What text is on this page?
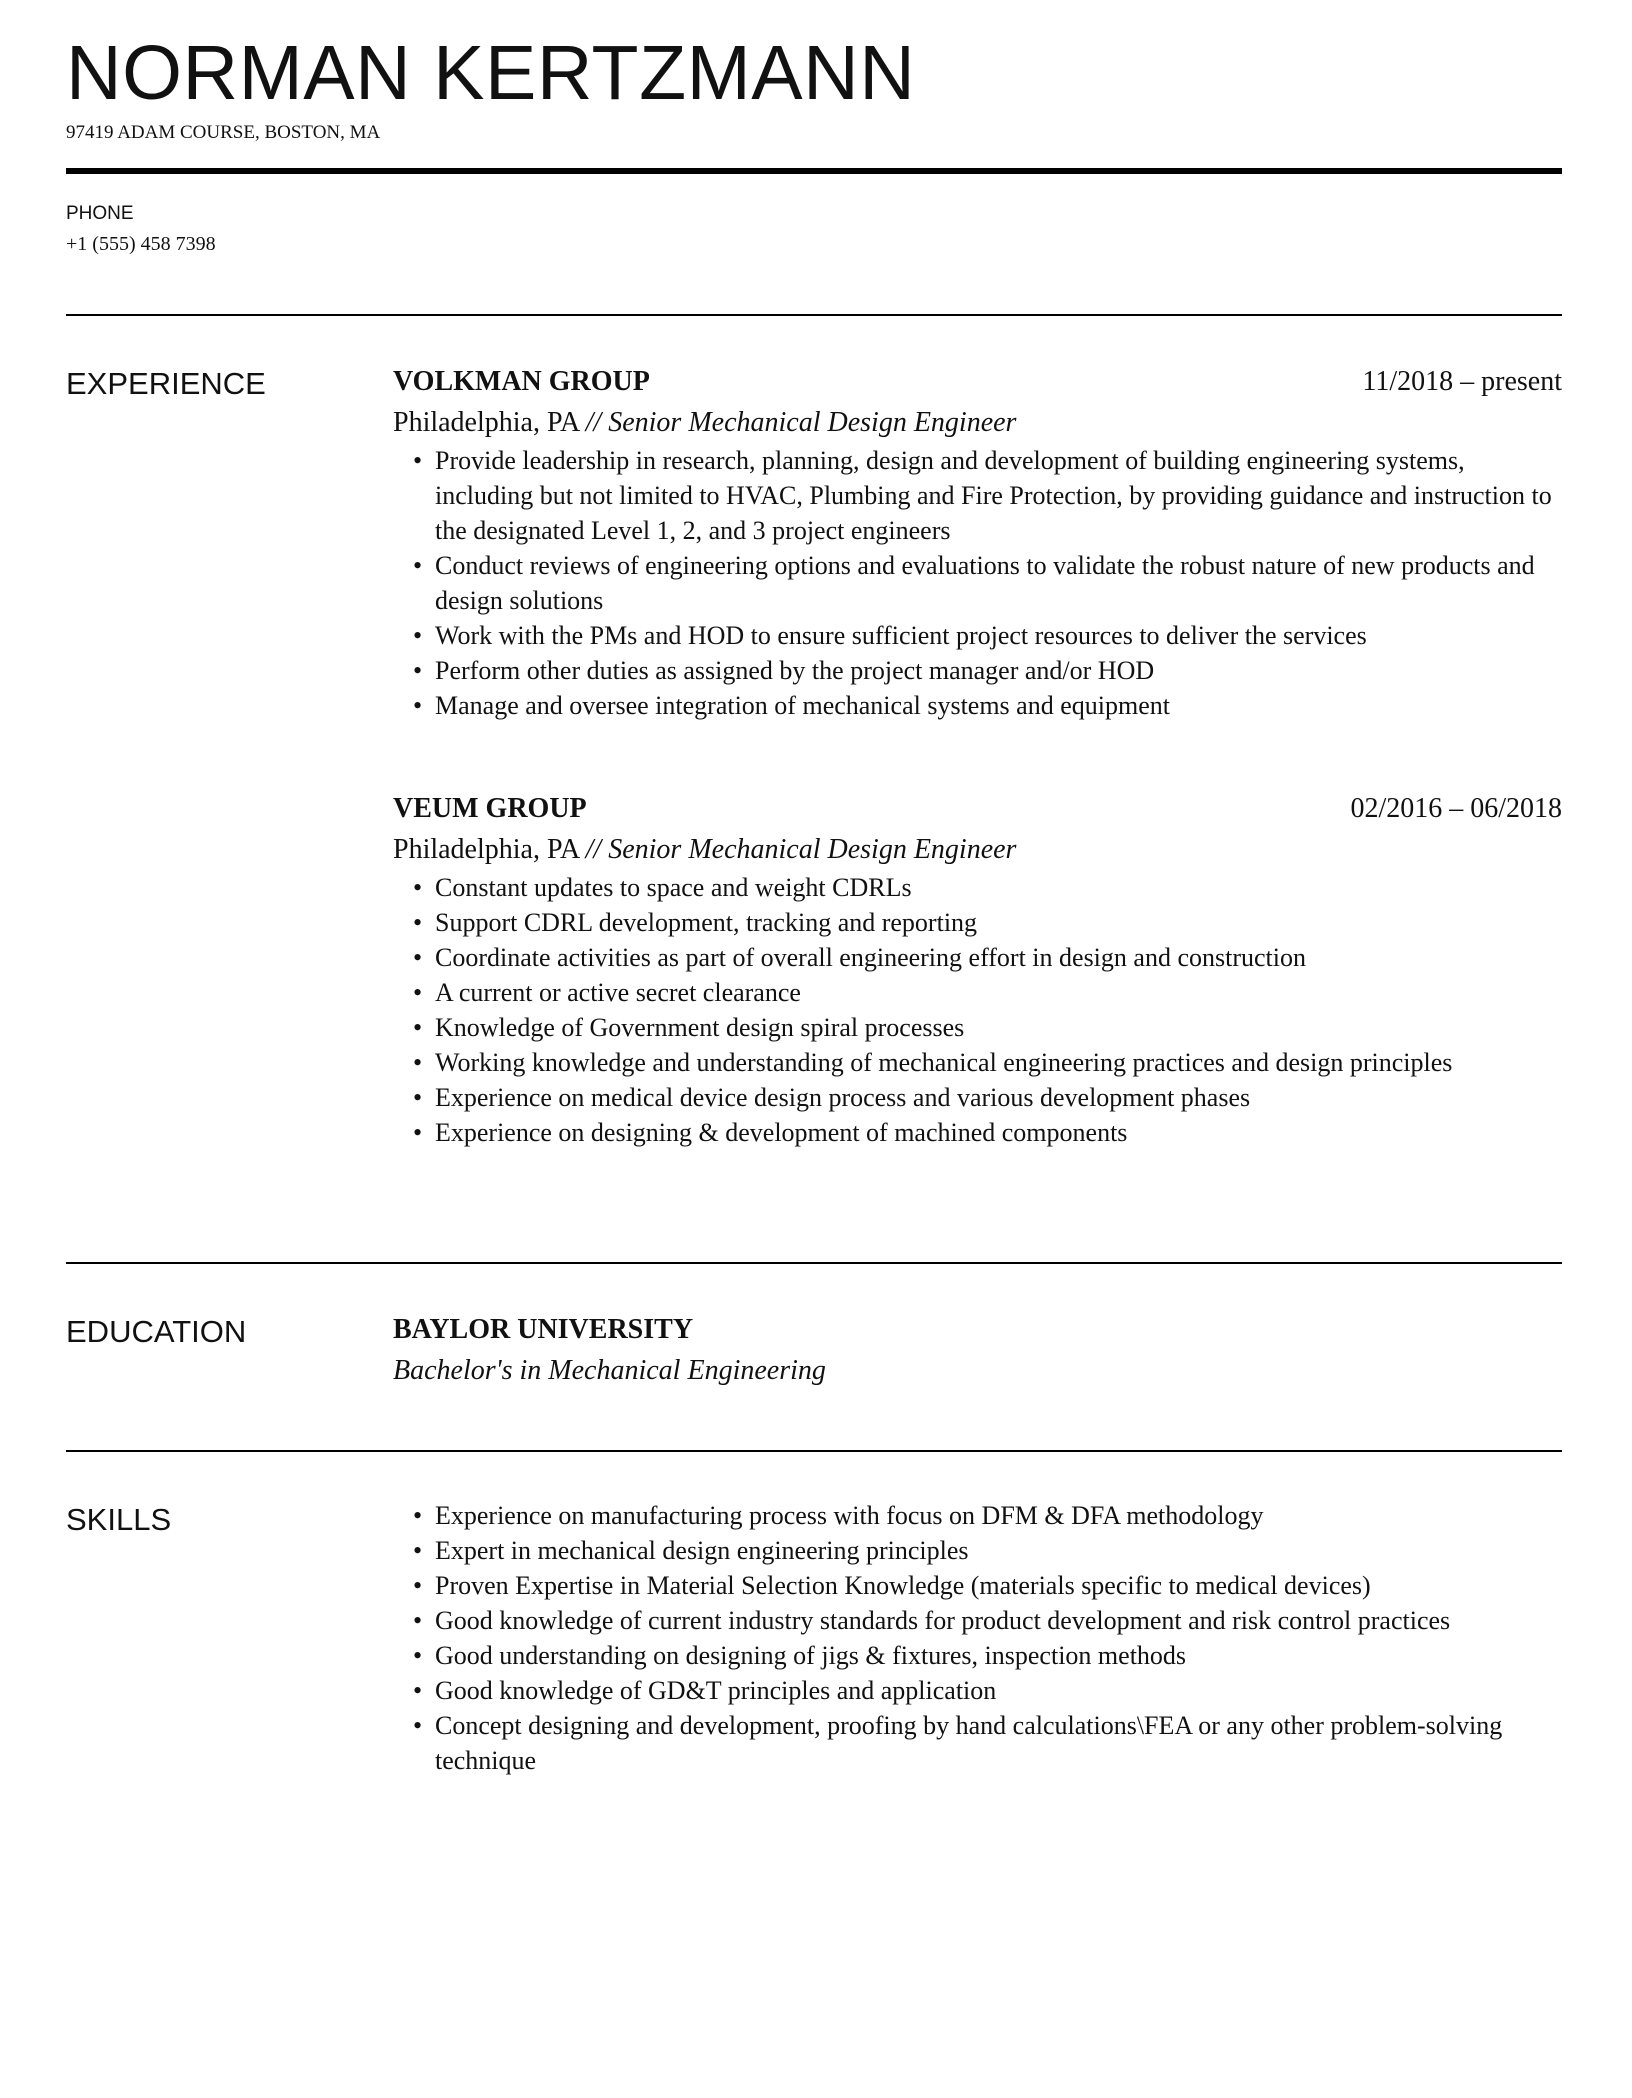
NORMAN KERTZMANN
97419 ADAM COURSE, BOSTON, MA
PHONE
+1 (555) 458 7398
EXPERIENCE	VOLKMAN GROUP	11/2018 – present
Philadelphia, PA // Senior Mechanical Design Engineer
• Provide leadership in research, planning, design and development of building engineering systems, including but not limited to HVAC, Plumbing and Fire Protection, by providing guidance and instruction to the designated Level 1, 2, and 3 project engineers
• Conduct reviews of engineering options and evaluations to validate the robust nature of new products and design solutions
• Work with the PMs and HOD to ensure sufficient project resources to deliver the services
• Perform other duties as assigned by the project manager and/or HOD
• Manage and oversee integration of mechanical systems and equipment
VEUM GROUP	02/2016 – 06/2018
Philadelphia, PA // Senior Mechanical Design Engineer
• Constant updates to space and weight CDRLs
• Support CDRL development, tracking and reporting
• Coordinate activities as part of overall engineering effort in design and construction
• A current or active secret clearance
• Knowledge of Government design spiral processes
• Working knowledge and understanding of mechanical engineering practices and design principles
• Experience on medical device design process and various development phases
• Experience on designing & development of machined components
EDUCATION	BAYLOR UNIVERSITY
Bachelor's in Mechanical Engineering
SKILLS	• Experience on manufacturing process with focus on DFM & DFA methodology
• Expert in mechanical design engineering principles
• Proven Expertise in Material Selection Knowledge (materials specific to medical devices)
• Good knowledge of current industry standards for product development and risk control practices
• Good understanding on designing of jigs & fixtures, inspection methods
• Good knowledge of GD&T principles and application
• Concept designing and development, proofing by hand calculations\FEA or any other problem-solving technique
